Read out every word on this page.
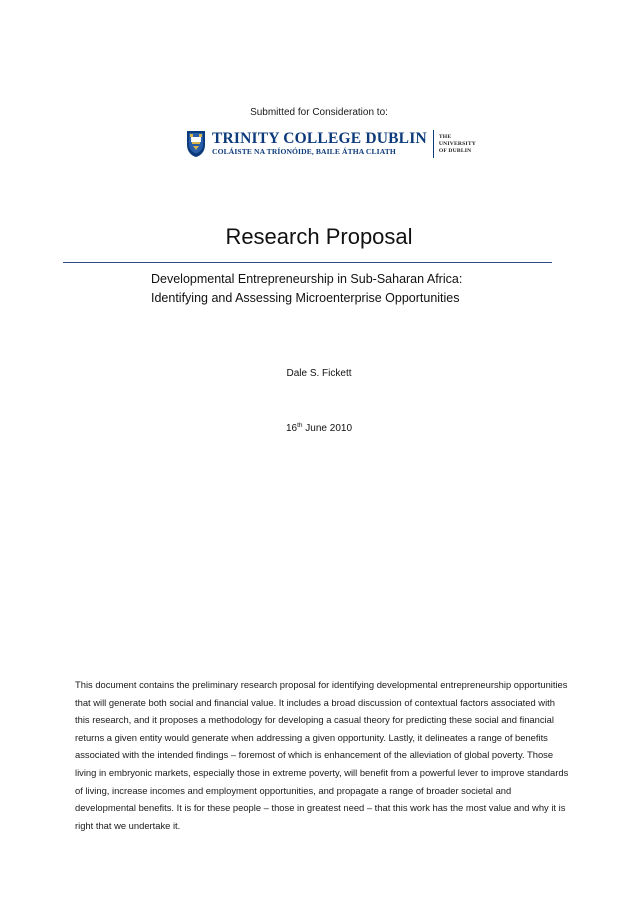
Submitted for Consideration to:
TRINITY COLLEGE DUBLIN
COLÁISTE NA TRÍONÓIDE, BAILE ÁTHA CLIATH
THE
UNIVERSITY
OF DUBLIN
Research Proposal
Developmental Entrepreneurship in Sub-Saharan Africa:
Identifying and Assessing Microenterprise Opportunities
Dale S. Fickett
16th June 2010
This document contains the preliminary research proposal for identifying developmental entrepreneurship opportunities that will generate both social and financial value. It includes a broad discussion of contextual factors associated with this research, and it proposes a methodology for developing a casual theory for predicting these social and financial returns a given entity would generate when addressing a given opportunity. Lastly, it delineates a range of benefits associated with the intended findings – foremost of which is enhancement of the alleviation of global poverty. Those living in embryonic markets, especially those in extreme poverty, will benefit from a powerful lever to improve standards of living, increase incomes and employment opportunities, and propagate a range of broader societal and developmental benefits. It is for these people – those in greatest need – that this work has the most value and why it is right that we undertake it.
